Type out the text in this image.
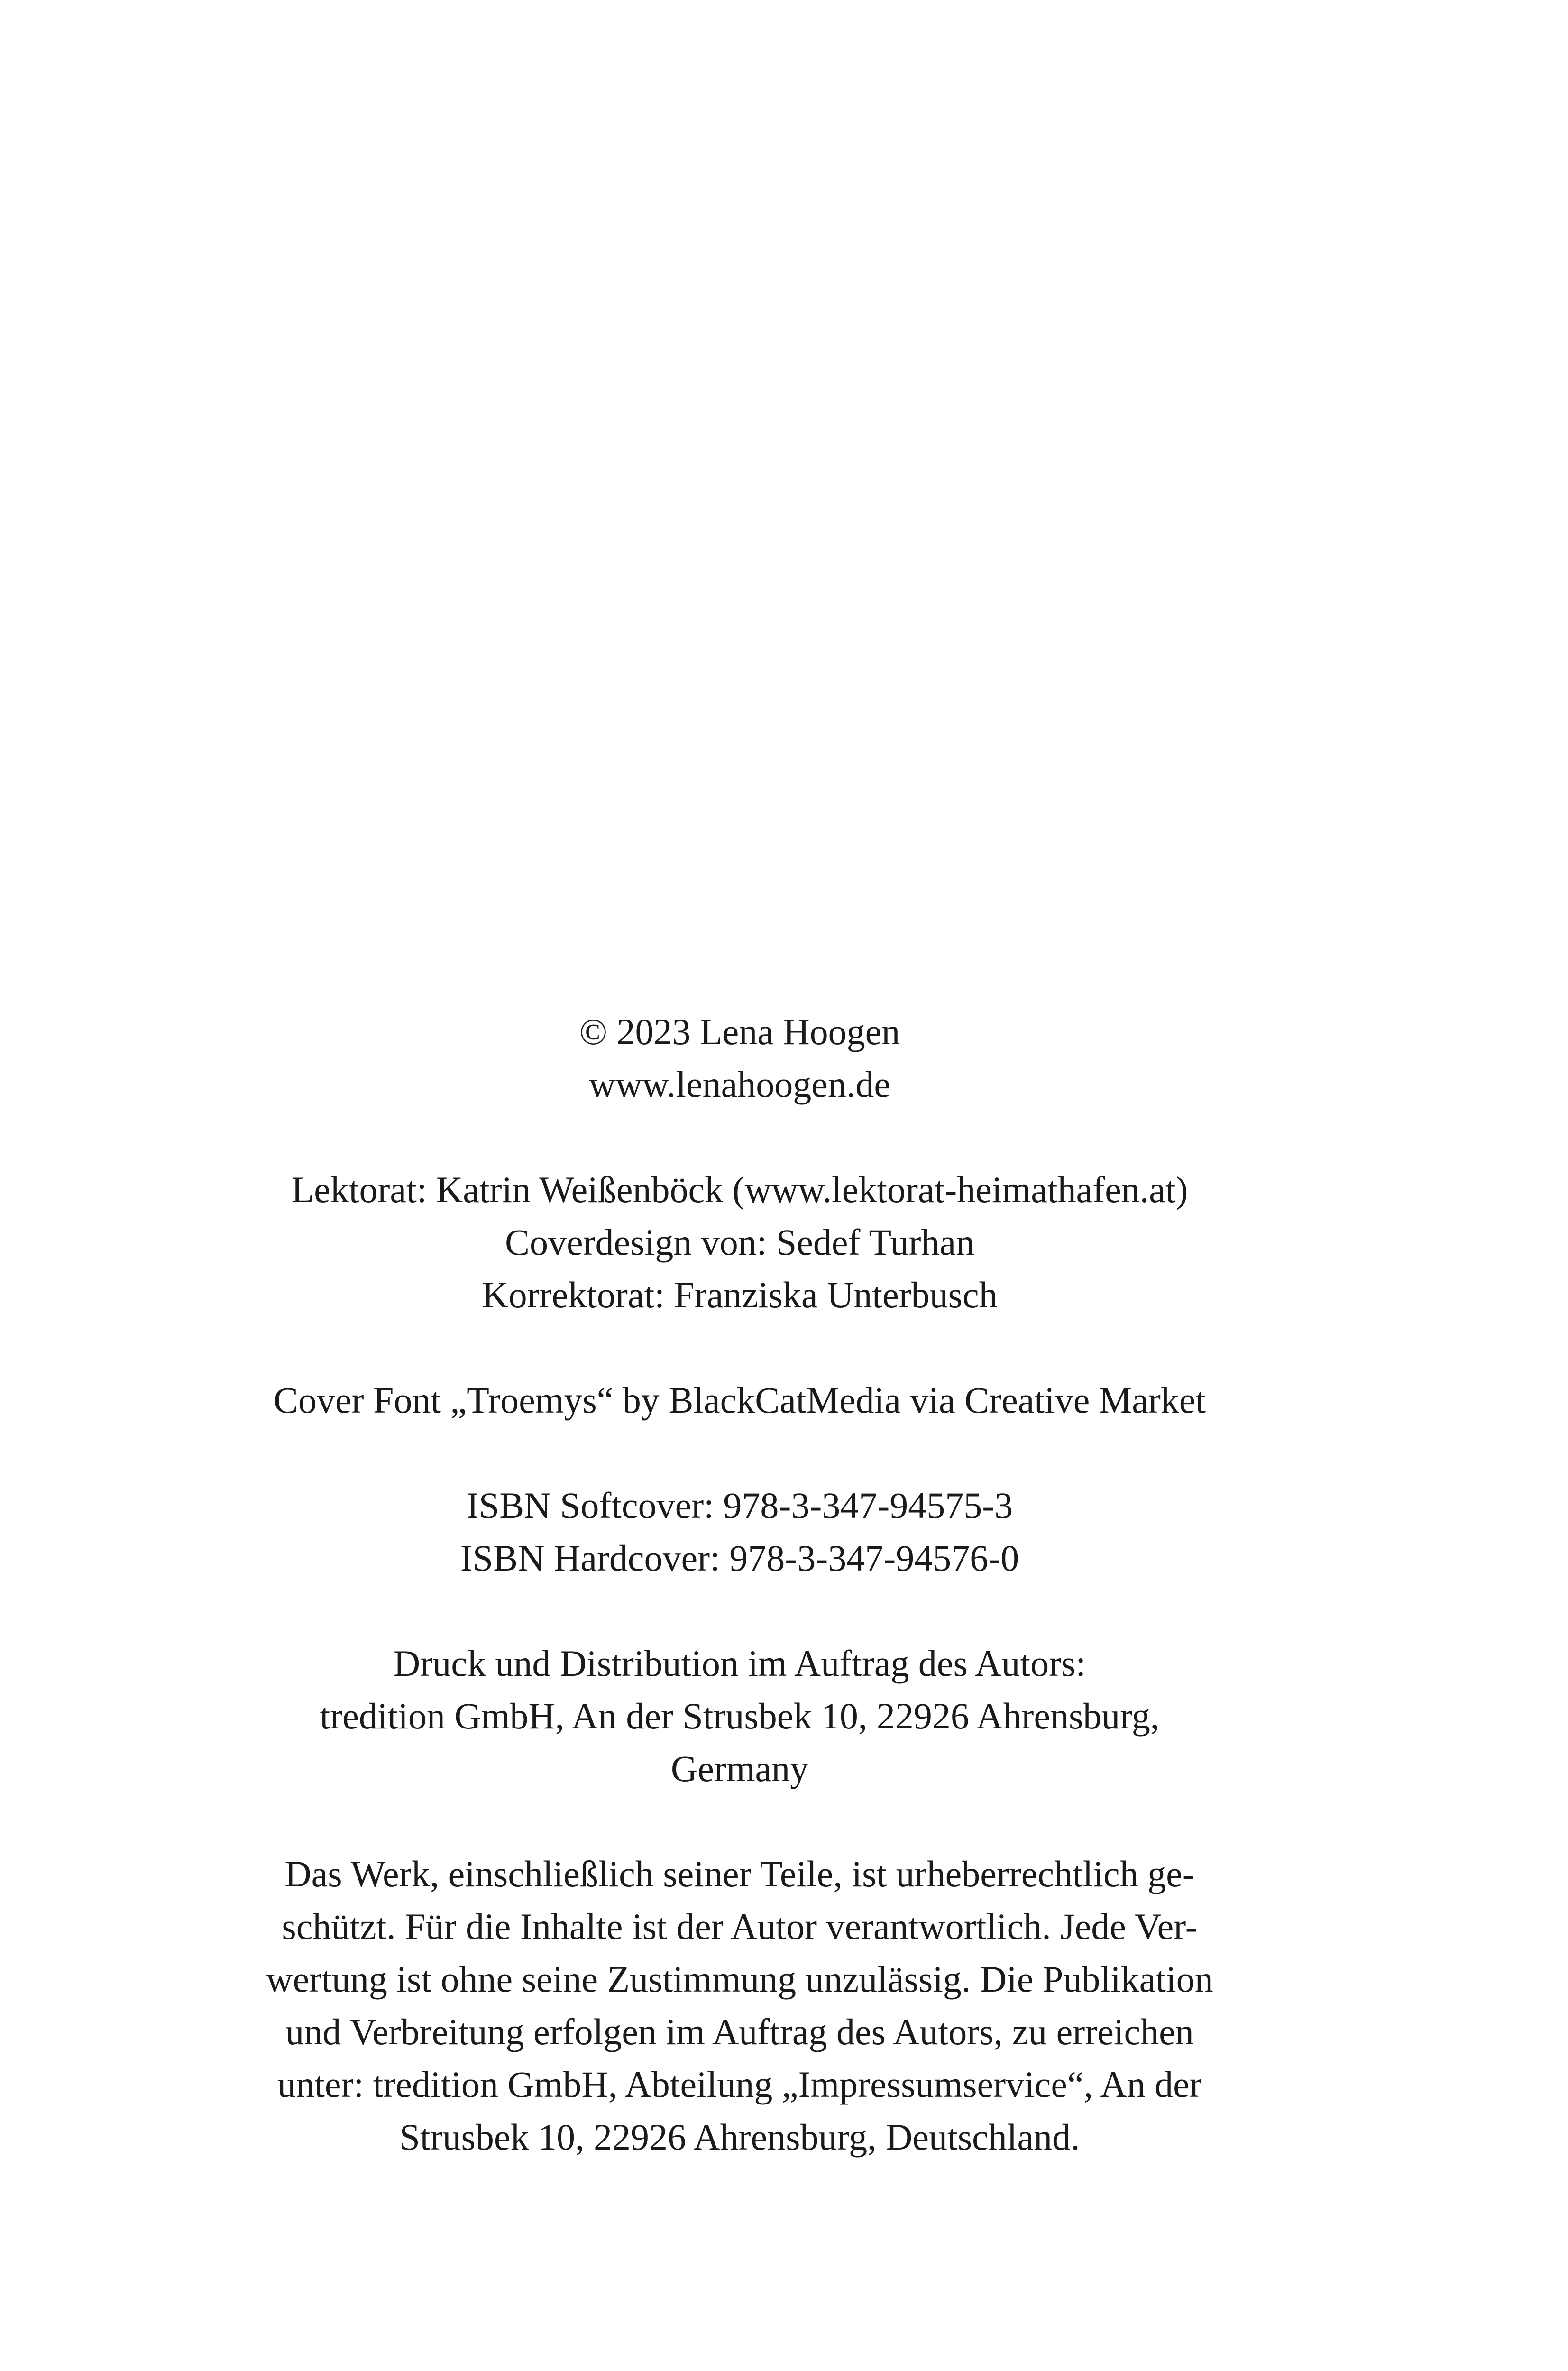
© 2023 Lena Hoogen
www.lenahoogen.de
Lektorat: Katrin Weißenböck (www.lektorat-heimathafen.at)
Coverdesign von: Sedef Turhan
Korrektorat: Franziska Unterbusch
Cover Font „Troemys“ by BlackCatMedia via Creative Market
ISBN Softcover: 978-3-347-94575-3
ISBN Hardcover: 978-3-347-94576-0
Druck und Distribution im Auftrag des Autors:
tredition GmbH, An der Strusbek 10, 22926 Ahrensburg,
Germany
Das Werk, einschließlich seiner Teile, ist urheberrechtlich ge-
schützt. Für die Inhalte ist der Autor verantwortlich. Jede Ver-
wertung ist ohne seine Zustimmung unzulässig. Die Publikation
und Verbreitung erfolgen im Auftrag des Autors, zu erreichen
unter: tredition GmbH, Abteilung „Impressumservice“, An der
Strusbek 10, 22926 Ahrensburg, Deutschland.
